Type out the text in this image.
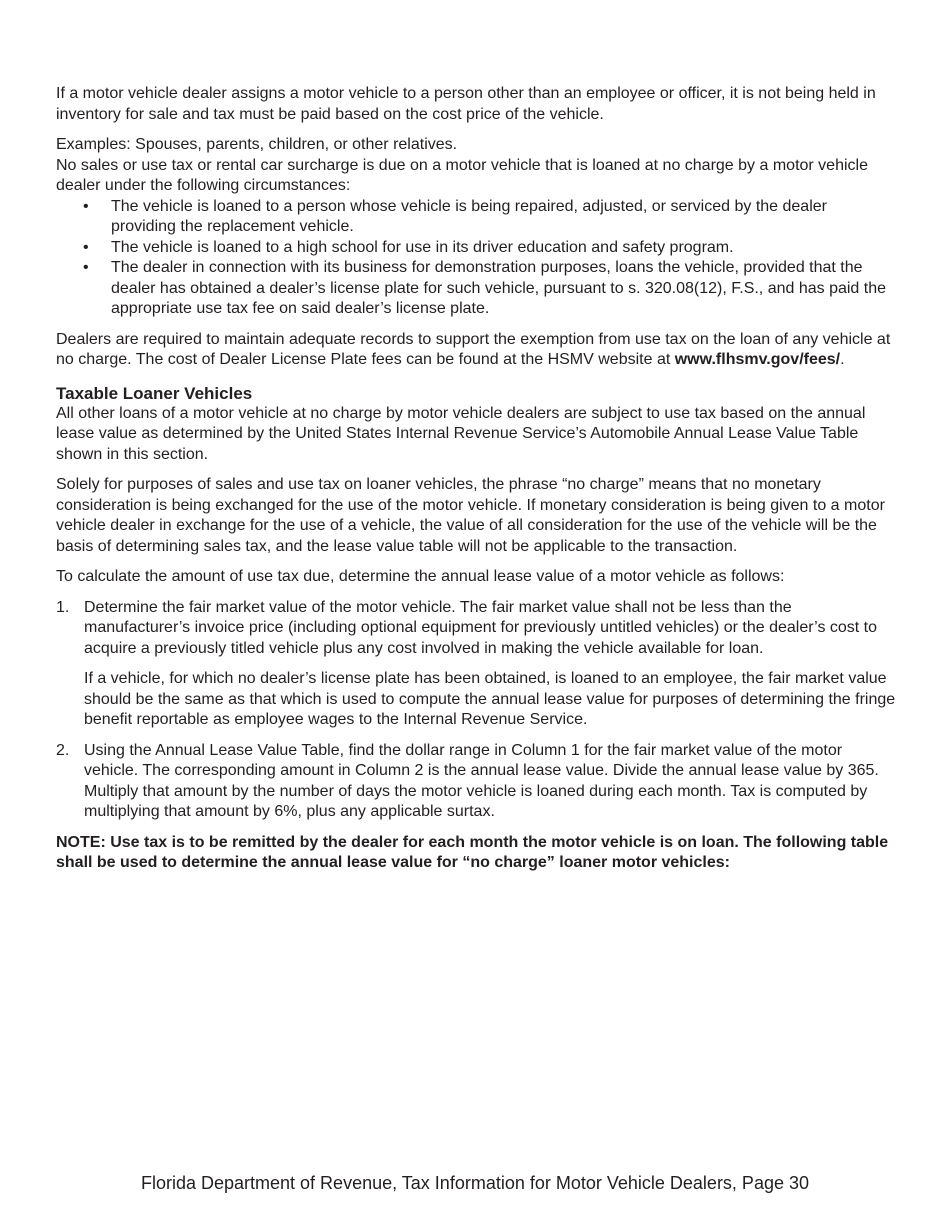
If a motor vehicle dealer assigns a motor vehicle to a person other than an employee or officer, it is not being held in inventory for sale and tax must be paid based on the cost price of the vehicle.

Examples: Spouses, parents, children, or other relatives.

No sales or use tax or rental car surcharge is due on a motor vehicle that is loaned at no charge by a motor vehicle dealer under the following circumstances:

• The vehicle is loaned to a person whose vehicle is being repaired, adjusted, or serviced by the dealer providing the replacement vehicle.
• The vehicle is loaned to a high school for use in its driver education and safety program.
• The dealer in connection with its business for demonstration purposes, loans the vehicle, provided that the dealer has obtained a dealer’s license plate for such vehicle, pursuant to s. 320.08(12), F.S., and has paid the appropriate use tax fee on said dealer’s license plate.

Dealers are required to maintain adequate records to support the exemption from use tax on the loan of any vehicle at no charge. The cost of Dealer License Plate fees can be found at the HSMV website at www.flhsmv.gov/fees/.

Taxable Loaner Vehicles

All other loans of a motor vehicle at no charge by motor vehicle dealers are subject to use tax based on the annual lease value as determined by the United States Internal Revenue Service’s Automobile Annual Lease Value Table shown in this section.

Solely for purposes of sales and use tax on loaner vehicles, the phrase “no charge” means that no monetary consideration is being exchanged for the use of the motor vehicle. If monetary consideration is being given to a motor vehicle dealer in exchange for the use of a vehicle, the value of all consideration for the use of the vehicle will be the basis of determining sales tax, and the lease value table will not be applicable to the transaction.

To calculate the amount of use tax due, determine the annual lease value of a motor vehicle as follows:

1. Determine the fair market value of the motor vehicle. The fair market value shall not be less than the manufacturer’s invoice price (including optional equipment for previously untitled vehicles) or the dealer’s cost to acquire a previously titled vehicle plus any cost involved in making the vehicle available for loan.

If a vehicle, for which no dealer’s license plate has been obtained, is loaned to an employee, the fair market value should be the same as that which is used to compute the annual lease value for purposes of determining the fringe benefit reportable as employee wages to the Internal Revenue Service.

2. Using the Annual Lease Value Table, find the dollar range in Column 1 for the fair market value of the motor vehicle. The corresponding amount in Column 2 is the annual lease value. Divide the annual lease value by 365. Multiply that amount by the number of days the motor vehicle is loaned during each month. Tax is computed by multiplying that amount by 6%, plus any applicable surtax.

NOTE: Use tax is to be remitted by the dealer for each month the motor vehicle is on loan. The following table shall be used to determine the annual lease value for “no charge” loaner motor vehicles:

Florida Department of Revenue, Tax Information for Motor Vehicle Dealers, Page 30
